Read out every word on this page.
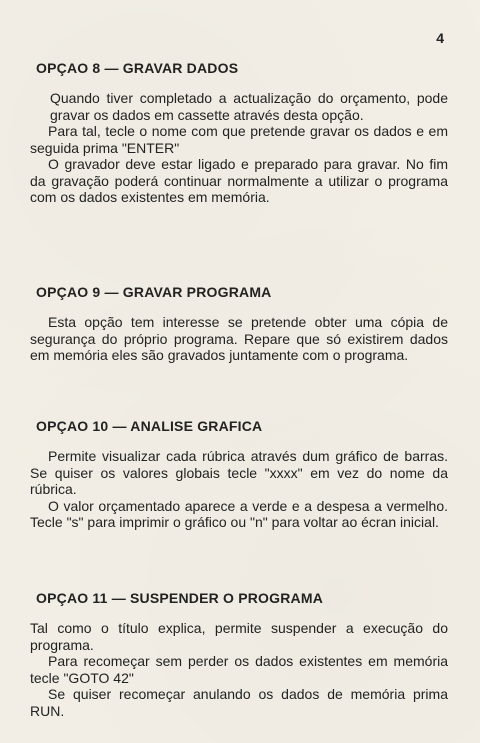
4
OPÇAO 8 — GRAVAR DADOS

Quando tiver completado a actualização do orçamento, pode gravar os dados em cassette através desta opção.

Para tal, tecle o nome com que pretende gravar os dados e em seguida prima "ENTER"

O gravador deve estar ligado e preparado para gravar. No fim da gravação poderá continuar normalmente a utilizar o programa com os dados existentes em memória.

OPÇAO 9 — GRAVAR PROGRAMA

Esta opção tem interesse se pretende obter uma cópia de segurança do próprio programa. Repare que só existirem dados em memória eles são gravados juntamente com o programa.

OPÇAO 10 — ANALISE GRAFICA

Permite visualizar cada rúbrica através dum gráfico de barras. Se quiser os valores globais tecle "xxxx" em vez do nome da rúbrica.

O valor orçamentado aparece a verde e a despesa a vermelho. Tecle "s" para imprimir o gráfico ou "n" para voltar ao écran inicial.

OPÇAO 11 — SUSPENDER O PROGRAMA

Tal como o título explica, permite suspender a execução do programa.

Para recomeçar sem perder os dados existentes em memória tecle "GOTO 42"

Se quiser recomeçar anulando os dados de memória prima RUN.
